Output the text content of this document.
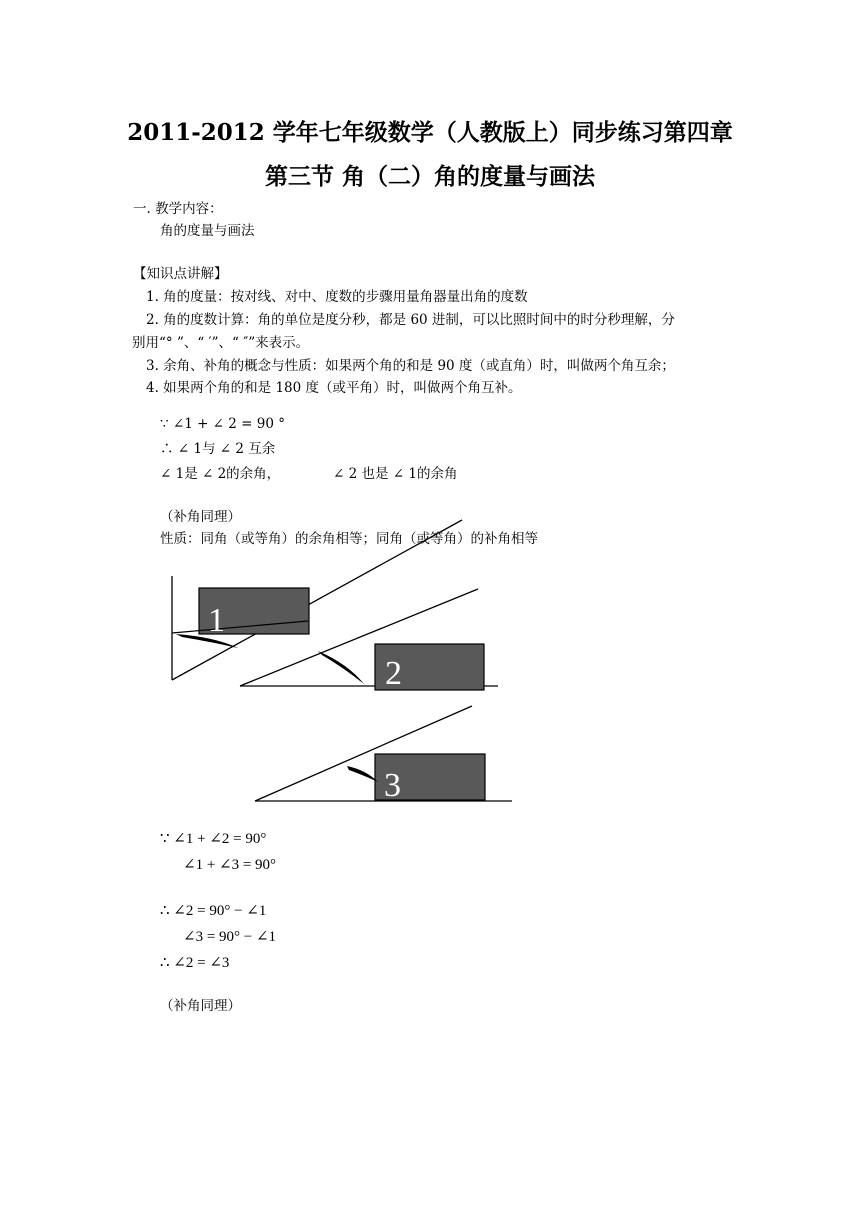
2011-2012 学年七年级数学（人教版上）同步练习第四章
第三节 角（二）角的度量与画法

一. 教学内容：

角的度量与画法

【知识点讲解】

1. 角的度量：按对线、对中、度数的步骤用量角器量出角的度数

2. 角的度数计算：角的单位是度分秒，都是 60 进制，可以比照时间中的时分秒理解，分

别用“° ”、“ ′”、“ ″”来表示。

3. 余角、补角的概念与性质：如果两个角的和是 90 度（或直角）时，叫做两个角互余；

4. 如果两个角的和是 180 度（或平角）时，叫做两个角互补。

∵ ∠1 + ∠ 2 = 90 °

∴ ∠ 1与 ∠ 2 互余

∠ 1是 ∠ 2的余角，	∠ 2 也是 ∠ 1的余角

（补角同理）

性质：同角（或等角）的余角相等；同角（或等角）的补角相等

1
2
3

∵ ∠1 + ∠2 = 90°

∠1 + ∠3 = 90°

∴ ∠2 = 90° − ∠1

∠3 = 90° − ∠1

∴ ∠2 = ∠3

（补角同理）
